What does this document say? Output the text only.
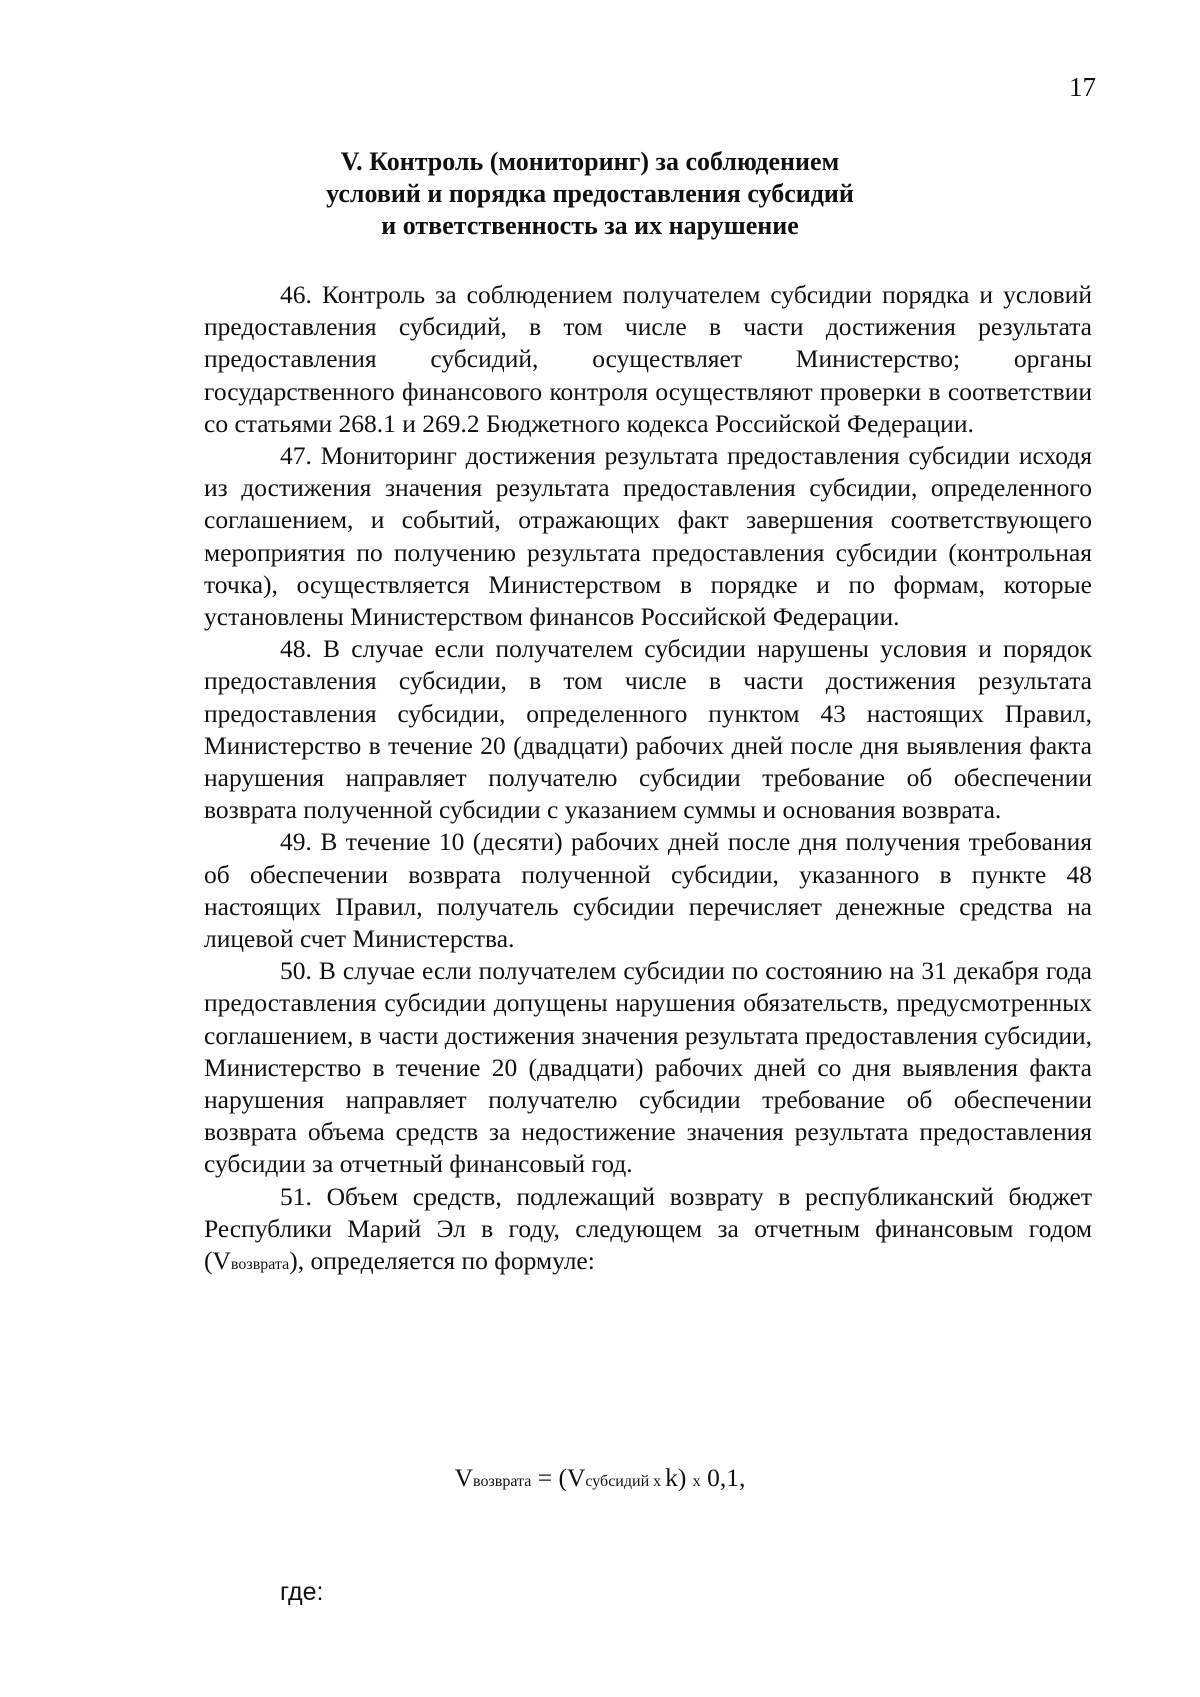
17
V. Контроль (мониторинг) за соблюдением
условий и порядка предоставления субсидий
и ответственность за их нарушение

46. Контроль за соблюдением получателем субсидии порядка и условий предоставления субсидий, в том числе в части достижения результата предоставления субсидий, осуществляет Министерство; органы государственного финансового контроля осуществляют проверки в соответствии со статьями 268.1 и 269.2 Бюджетного кодекса Российской Федерации.

47. Мониторинг достижения результата предоставления субсидии исходя из достижения значения результата предоставления субсидии, определенного соглашением, и событий, отражающих факт завершения соответствующего мероприятия по получению результата предоставления субсидии (контрольная точка), осуществляется Министерством в порядке и по формам, которые установлены Министерством финансов Российской Федерации.

48. В случае если получателем субсидии нарушены условия и порядок предоставления субсидии, в том числе в части достижения результата предоставления субсидии, определенного пунктом 43 настоящих Правил, Министерство в течение 20 (двадцати) рабочих дней после дня выявления факта нарушения направляет получателю субсидии требование об обеспечении возврата полученной субсидии с указанием суммы и основания возврата.

49. В течение 10 (десяти) рабочих дней после дня получения требования об обеспечении возврата полученной субсидии, указанного в пункте 48 настоящих Правил, получатель субсидии перечисляет денежные средства на лицевой счет Министерства.

50. В случае если получателем субсидии по состоянию на 31 декабря года предоставления субсидии допущены нарушения обязательств, предусмотренных соглашением, в части достижения значения результата предоставления субсидии, Министерство в течение 20 (двадцати) рабочих дней со дня выявления факта нарушения направляет получателю субсидии требование об обеспечении возврата объема средств за недостижение значения результата предоставления субсидии за отчетный финансовый год.

51. Объем средств, подлежащий возврату в республиканский бюджет Республики Марий Эл в году, следующем за отчетным финансовым годом (Vвозврата), определяется по формуле:

Vвозврата = (Vсубсидий x k) x 0,1,
где:
